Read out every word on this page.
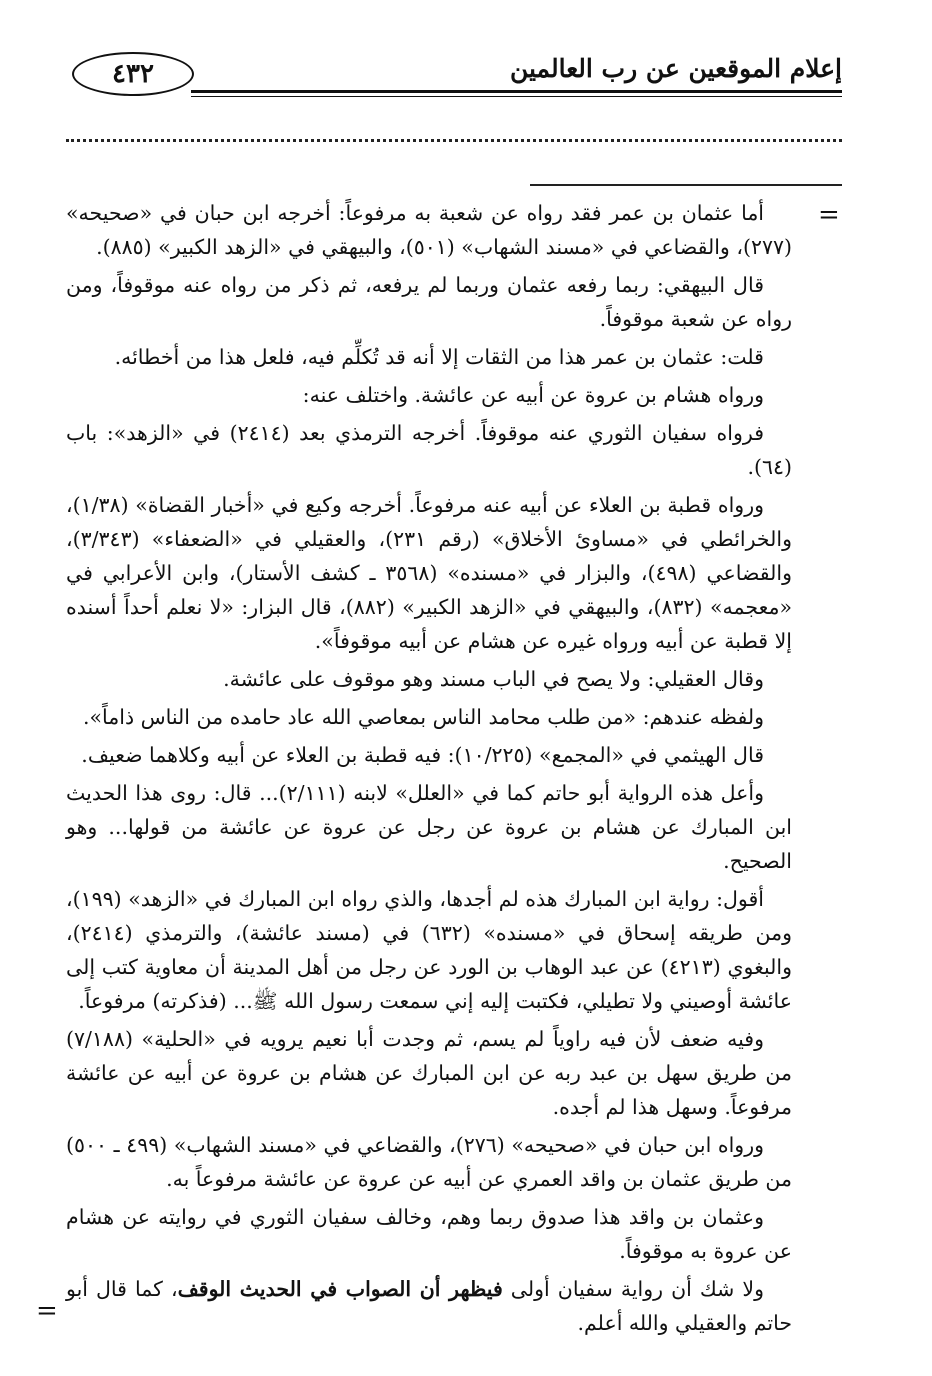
٤٣٢	إعلام الموقعين عن رب العالمين
=
=

أما عثمان بن عمر فقد رواه عن شعبة به مرفوعاً: أخرجه ابن حبان في «صحيحه» (٢٧٧)، والقضاعي في «مسند الشهاب» (٥٠١)، والبيهقي في «الزهد الكبير» (٨٨٥).

قال البيهقي: ربما رفعه عثمان وربما لم يرفعه، ثم ذكر من رواه عنه موقوفاً، ومن رواه عن شعبة موقوفاً.

قلت: عثمان بن عمر هذا من الثقات إلا أنه قد تُكلِّم فيه، فلعل هذا من أخطائه.

ورواه هشام بن عروة عن أبيه عن عائشة. واختلف عنه:

فرواه سفيان الثوري عنه موقوفاً. أخرجه الترمذي بعد (٢٤١٤) في «الزهد»: باب (٦٤).

ورواه قطبة بن العلاء عن أبيه عنه مرفوعاً. أخرجه وكيع في «أخبار القضاة» (١/٣٨)، والخرائطي في «مساوئ الأخلاق» (رقم ٢٣١)، والعقيلي في «الضعفاء» (٣/٣٤٣)، والقضاعي (٤٩٨)، والبزار في «مسنده» (٣٥٦٨ ـ كشف الأستار)، وابن الأعرابي في «معجمه» (٨٣٢)، والبيهقي في «الزهد الكبير» (٨٨٢)، قال البزار: «لا نعلم أحداً أسنده إلا قطبة عن أبيه ورواه غيره عن هشام عن أبيه موقوفاً».

وقال العقيلي: ولا يصح في الباب مسند وهو موقوف على عائشة.

ولفظه عندهم: «من طلب محامد الناس بمعاصي الله عاد حامده من الناس ذاماً».

قال الهيثمي في «المجمع» (١٠/٢٢٥): فيه قطبة بن العلاء عن أبيه وكلاهما ضعيف.

وأعل هذه الرواية أبو حاتم كما في «العلل» لابنه (٢/١١١)... قال: روى هذا الحديث ابن المبارك عن هشام بن عروة عن رجل عن عروة عن عائشة من قولها... وهو الصحيح.

أقول: رواية ابن المبارك هذه لم أجدها، والذي رواه ابن المبارك في «الزهد» (١٩٩)، ومن طريقه إسحاق في «مسنده» (٦٣٢) في (مسند عائشة)، والترمذي (٢٤١٤)، والبغوي (٤٢١٣) عن عبد الوهاب بن الورد عن رجل من أهل المدينة أن معاوية كتب إلى عائشة أوصيني ولا تطيلي، فكتبت إليه إني سمعت رسول الله ﷺ... (فذكرته) مرفوعاً.

وفيه ضعف لأن فيه راوياً لم يسم، ثم وجدت أبا نعيم يرويه في «الحلية» (٧/١٨٨) من طريق سهل بن عبد ربه عن ابن المبارك عن هشام بن عروة عن أبيه عن عائشة مرفوعاً. وسهل هذا لم أجده.

ورواه ابن حبان في «صحيحه» (٢٧٦)، والقضاعي في «مسند الشهاب» (٤٩٩ ـ ٥٠٠) من طريق عثمان بن واقد العمري عن أبيه عن عروة عن عائشة مرفوعاً به.

وعثمان بن واقد هذا صدوق ربما وهم، وخالف سفيان الثوري في روايته عن هشام عن عروة به موقوفاً.

ولا شك أن رواية سفيان أولى فيظهر أن الصواب في الحديث الوقف، كما قال أبو حاتم والعقيلي والله أعلم.
